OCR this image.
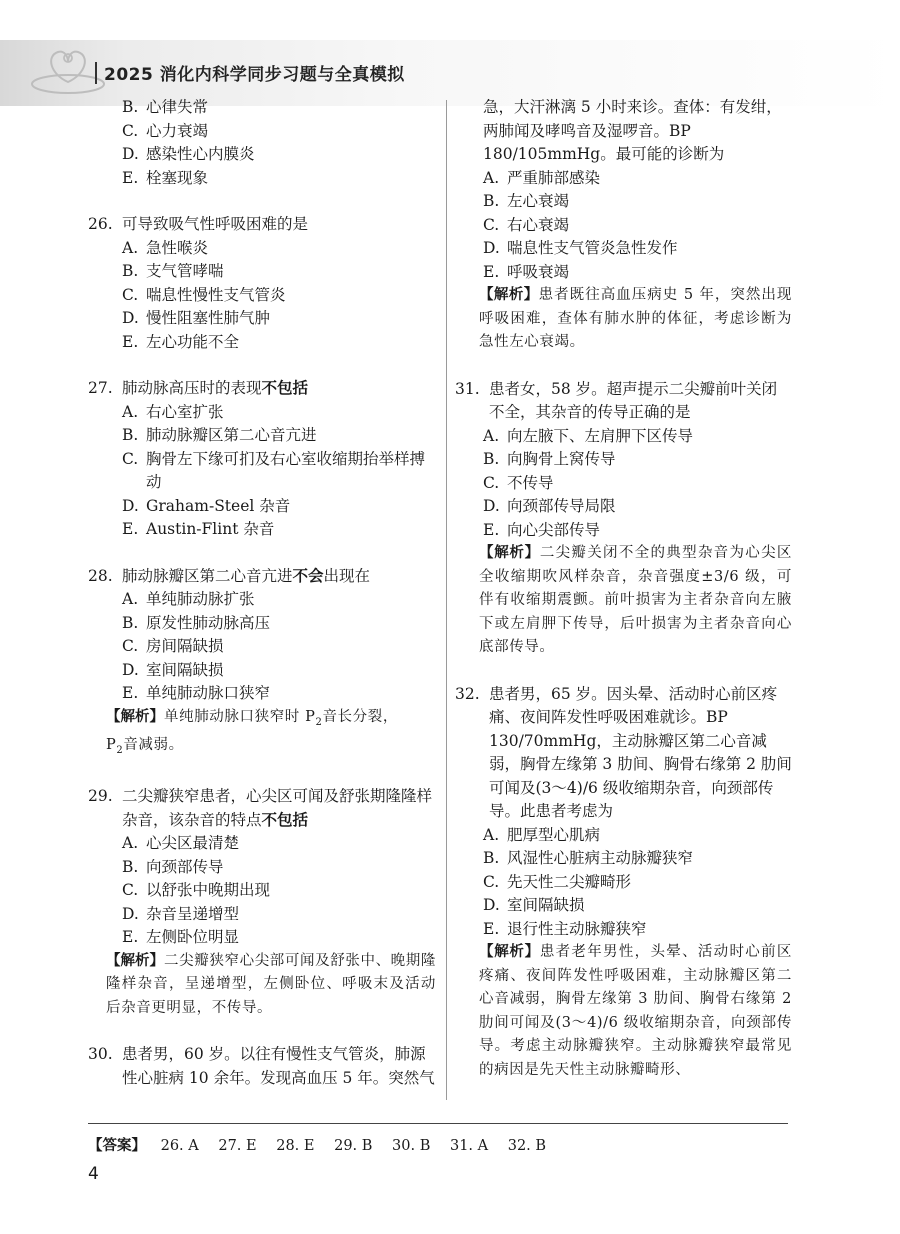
2025 消化内科学同步习题与全真模拟
B. 心律失常
C. 心力衰竭
D. 感染性心内膜炎
E. 栓塞现象
26. 可导致吸气性呼吸困难的是
A. 急性喉炎
B. 支气管哮喘
C. 喘息性慢性支气管炎
D. 慢性阻塞性肺气肿
E. 左心功能不全
27. 肺动脉高压时的表现不包括
A. 右心室扩张
B. 肺动脉瓣区第二心音亢进
C. 胸骨左下缘可扪及右心室收缩期抬举样搏动
D. Graham-Steel 杂音
E. Austin-Flint 杂音
28. 肺动脉瓣区第二心音亢进不会出现在
A. 单纯肺动脉扩张
B. 原发性肺动脉高压
C. 房间隔缺损
D. 室间隔缺损
E. 单纯肺动脉口狭窄
【解析】单纯肺动脉口狭窄时 $P_2$音长分裂，
$P_2$音减弱。
29. 二尖瓣狭窄患者，心尖区可闻及舒张期隆隆样杂音，该杂音的特点不包括
A. 心尖区最清楚
B. 向颈部传导
C. 以舒张中晚期出现
D. 杂音呈递增型
E. 左侧卧位明显
【解析】二尖瓣狭窄心尖部可闻及舒张中、晚期隆隆样杂音，呈递增型，左侧卧位、呼吸末及活动后杂音更明显，不传导。
30. 患者男，60 岁。以往有慢性支气管炎，肺源性心脏病 10 余年。发现高血压 5 年。突然气
急，大汗淋漓 5 小时来诊。查体：有发绀，两肺闻及哮鸣音及湿啰音。BP 180/105mmHg。最可能的诊断为
A. 严重肺部感染
B. 左心衰竭
C. 右心衰竭
D. 喘息性支气管炎急性发作
E. 呼吸衰竭
【解析】患者既往高血压病史 5 年，突然出现呼吸困难，查体有肺水肿的体征，考虑诊断为急性左心衰竭。
31. 患者女，58 岁。超声提示二尖瓣前叶关闭不全，其杂音的传导正确的是
A. 向左腋下、左肩胛下区传导
B. 向胸骨上窝传导
C. 不传导
D. 向颈部传导局限
E. 向心尖部传导
【解析】二尖瓣关闭不全的典型杂音为心尖区全收缩期吹风样杂音，杂音强度±3/6 级，可伴有收缩期震颤。前叶损害为主者杂音向左腋下或左肩胛下传导，后叶损害为主者杂音向心底部传导。
32. 患者男，65 岁。因头晕、活动时心前区疼痛、夜间阵发性呼吸困难就诊。BP 130/70mmHg，主动脉瓣区第二心音减弱，胸骨左缘第 3 肋间、胸骨右缘第 2 肋间可闻及(3～4)/6 级收缩期杂音，向颈部传导。此患者考虑为
A. 肥厚型心肌病
B. 风湿性心脏病主动脉瓣狭窄
C. 先天性二尖瓣畸形
D. 室间隔缺损
E. 退行性主动脉瓣狭窄
【解析】患者老年男性，头晕、活动时心前区疼痛、夜间阵发性呼吸困难，主动脉瓣区第二心音减弱，胸骨左缘第 3 肋间、胸骨右缘第 2 肋间可闻及(3～4)/6 级收缩期杂音，向颈部传导。考虑主动脉瓣狭窄。主动脉瓣狭窄最常见的病因是先天性主动脉瓣畸形、
【答案】 26. A 27. E 28. E 29. B 30. B 31. A 32. B
4
